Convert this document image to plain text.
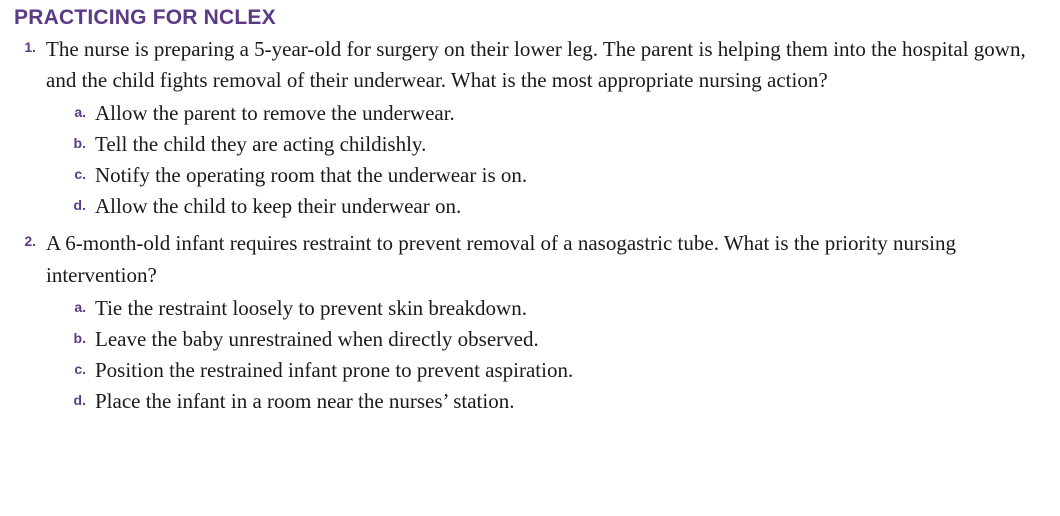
PRACTICING FOR NCLEX
1. The nurse is preparing a 5-year-old for surgery on their lower leg. The parent is helping them into the hospital gown, and the child fights removal of their underwear. What is the most appropriate nursing action?
a. Allow the parent to remove the underwear.
b. Tell the child they are acting childishly.
c. Notify the operating room that the underwear is on.
d. Allow the child to keep their underwear on.
2. A 6-month-old infant requires restraint to prevent removal of a nasogastric tube. What is the priority nursing intervention?
a. Tie the restraint loosely to prevent skin breakdown.
b. Leave the baby unrestrained when directly observed.
c. Position the restrained infant prone to prevent aspiration.
d. Place the infant in a room near the nurses’ station.
